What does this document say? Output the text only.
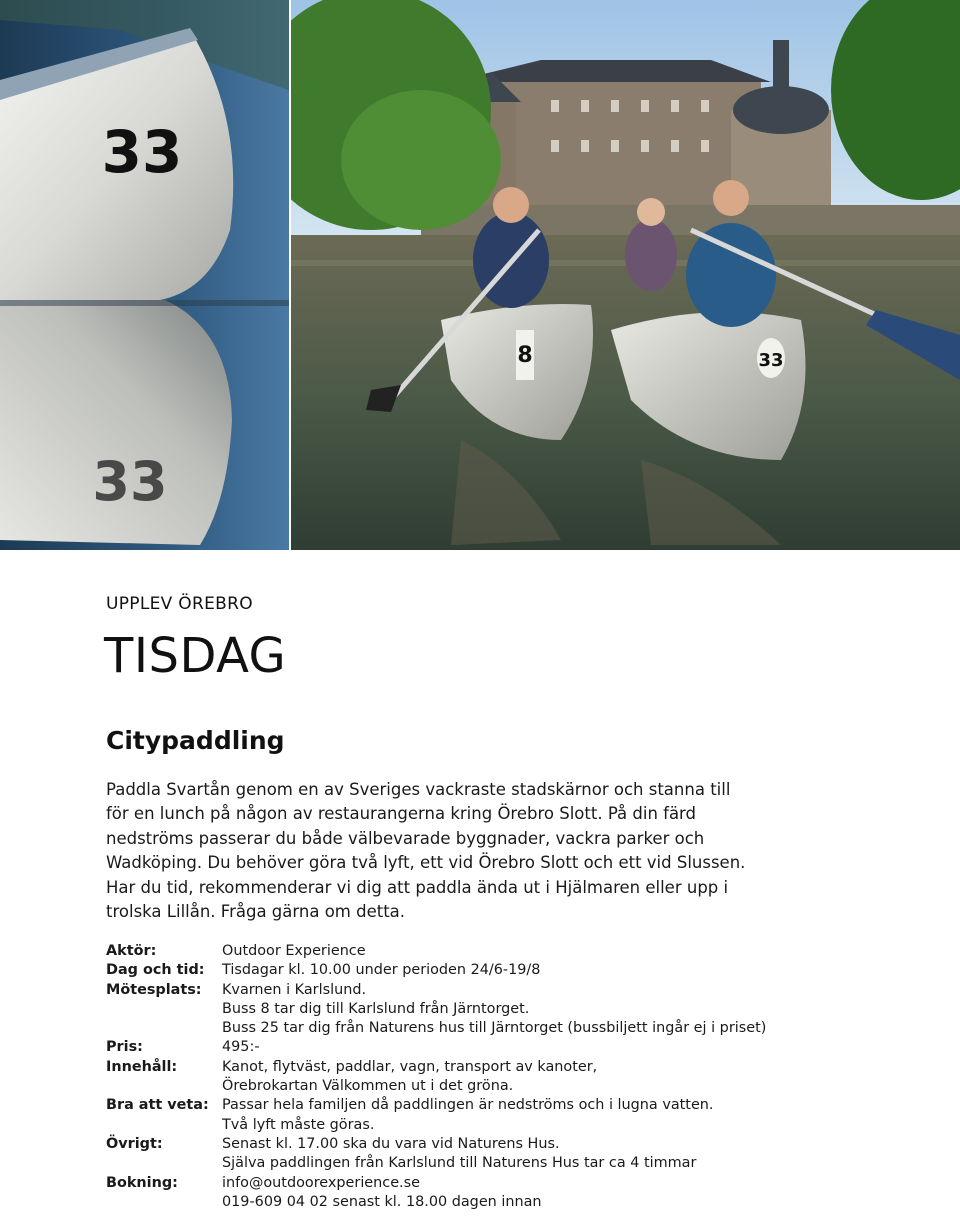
33
33
8	33
UPPLEV ÖREBRO
TISDAG
Citypaddling

Paddla Svartån genom en av Sveriges vackraste stadskärnor och stanna till för en lunch på någon av restaurangerna kring Örebro Slott. På din färd nedströms passerar du både välbevarade byggnader, vackra parker och Wadköping. Du behöver göra två lyft, ett vid Örebro Slott och ett vid Slussen. Har du tid, rekommenderar vi dig att paddla ända ut i Hjälmaren eller upp i trolska Lillån. Fråga gärna om detta.

Aktör:	Outdoor Experience
Dag och tid:	Tisdagar kl. 10.00 under perioden 24/6-19/8
Mötesplats:	Kvarnen i Karlslund.
Buss 8 tar dig till Karlslund från Järntorget.
Buss 25 tar dig från Naturens hus till Järntorget (bussbiljett ingår ej i priset)
Pris:	495:-
Innehåll:	Kanot, flytväst, paddlar, vagn, transport av kanoter,
Örebrokartan Välkommen ut i det gröna.
Bra att veta: Passar hela familjen då paddlingen är nedströms och i lugna vatten.
Två lyft måste göras.
Övrigt:	Senast kl. 17.00 ska du vara vid Naturens Hus.
Själva paddlingen från Karlslund till Naturens Hus tar ca 4 timmar
Bokning:	info@outdoorexperience.se
019-609 04 02 senast kl. 18.00 dagen innan
